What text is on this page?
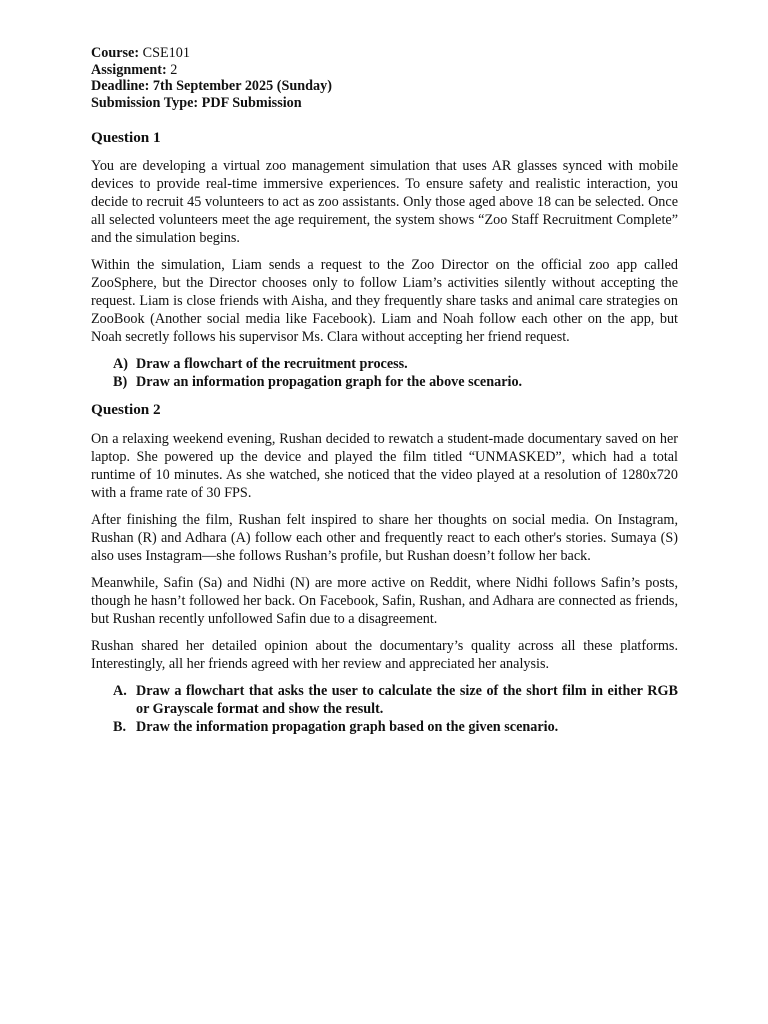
Course: CSE101
Assignment: 2
Deadline: 7th September 2025 (Sunday)
Submission Type: PDF Submission
Question 1

You are developing a virtual zoo management simulation that uses AR glasses synced with mobile devices to provide real-time immersive experiences. To ensure safety and realistic interaction, you decide to recruit 45 volunteers to act as zoo assistants. Only those aged above 18 can be selected. Once all selected volunteers meet the age requirement, the system shows “Zoo Staff Recruitment Complete” and the simulation begins.

Within the simulation, Liam sends a request to the Zoo Director on the official zoo app called ZooSphere, but the Director chooses only to follow Liam’s activities silently without accepting the request. Liam is close friends with Aisha, and they frequently share tasks and animal care strategies on ZooBook (Another social media like Facebook). Liam and Noah follow each other on the app, but Noah secretly follows his supervisor Ms. Clara without accepting her friend request.

A) Draw a flowchart of the recruitment process.
B) Draw an information propagation graph for the above scenario.
Question 2

On a relaxing weekend evening, Rushan decided to rewatch a student-made documentary saved on her laptop. She powered up the device and played the film titled “UNMASKED”, which had a total runtime of 10 minutes. As she watched, she noticed that the video played at a resolution of 1280x720 with a frame rate of 30 FPS.

After finishing the film, Rushan felt inspired to share her thoughts on social media. On Instagram, Rushan (R) and Adhara (A) follow each other and frequently react to each other's stories. Sumaya (S) also uses Instagram—she follows Rushan’s profile, but Rushan doesn’t follow her back.

Meanwhile, Safin (Sa) and Nidhi (N) are more active on Reddit, where Nidhi follows Safin’s posts, though he hasn’t followed her back. On Facebook, Safin, Rushan, and Adhara are connected as friends, but Rushan recently unfollowed Safin due to a disagreement.

Rushan shared her detailed opinion about the documentary’s quality across all these platforms. Interestingly, all her friends agreed with her review and appreciated her analysis.

A. Draw a flowchart that asks the user to calculate the size of the short film in either RGB or Grayscale format and show the result.
B. Draw the information propagation graph based on the given scenario.
